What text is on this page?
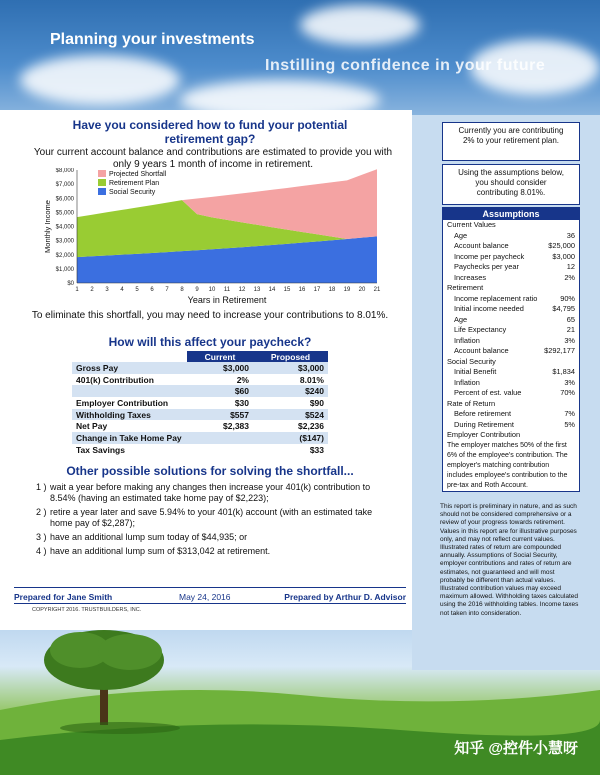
Planning your investments
Instilling confidence in your future
Have you considered how to fund your potential
retirement gap?
Your current account balance and contributions are estimated to provide you with
only 9 years 1 month of income in retirement.
$0
$1,000
$2,000
$3,000
$4,000
$5,000
$6,000
$7,000
$8,000
1 2 3 4 5 6 7 8 9 10 11 12 13 14 15 16 17 18 19 20 21
Years in Retirement
Monthly Income
Projected Shortfall
Retirement Plan
Social Security
To eliminate this shortfall, you may need to increase your contributions to 8.01%.
How will this affect your paycheck?
	Current	Proposed
Gross Pay	$3,000	$3,000
401(k) Contribution	2%	8.01%
	$60	$240
Employer Contribution	$30	$90
Withholding Taxes	$557	$524
Net Pay	$2,383	$2,236
Change in Take Home Pay		($147)
Tax Savings		$33
Other possible solutions for solving the shortfall...
1 ) wait a year before making any changes then increase your 401(k) contribution to 8.54% (having an estimated take home pay of $2,223);
2 ) retire a year later and save 5.94% to your 401(k) account (with an estimated take home pay of $2,287);
3 ) have an additional lump sum today of $44,935; or
4 ) have an additional lump sum of $313,042 at retirement.
Prepared for Jane Smith	May 24, 2016	Prepared by Arthur D. Advisor
COPYRIGHT 2016. TRUSTBUILDERS, INC.
Currently you are contributing
2% to your retirement plan.
Using the assumptions below,
you should consider
contributing 8.01%.
Assumptions
Current Values
Age	36
Account balance	$25,000
Income per paycheck	$3,000
Paychecks per year	12
Increases	2%
Retirement
Income replacement ratio	90%
Initial income needed	$4,795
Age	65
Life Expectancy	21
Inflation	3%
Account balance	$292,177
Social Security
Initial Benefit	$1,834
Inflation	3%
Percent of est. value	70%
Rate of Return
Before retirement	7%
During Retirement	5%
Employer Contribution
The employer matches 50% of the first 6% of the employee's contribution. The employer's matching contribution includes employee's contribution to the pre-tax and Roth Account.
This report is preliminary in nature, and as such should not be considered comprehensive or a review of your progress towards retirement. Values in this report are for illustrative purposes only, and may not reflect current values. Illustrated rates of return are compounded annually. Assumptions of Social Security, employer contributions and rates of return are estimates, not guaranteed and will most probably be different than actual values. Illustrated contribution values may exceed maximum allowed. Withholding taxes calculated using the 2016 withholding tables. Income taxes not taken into consideration.
知乎 @控件小慧呀
